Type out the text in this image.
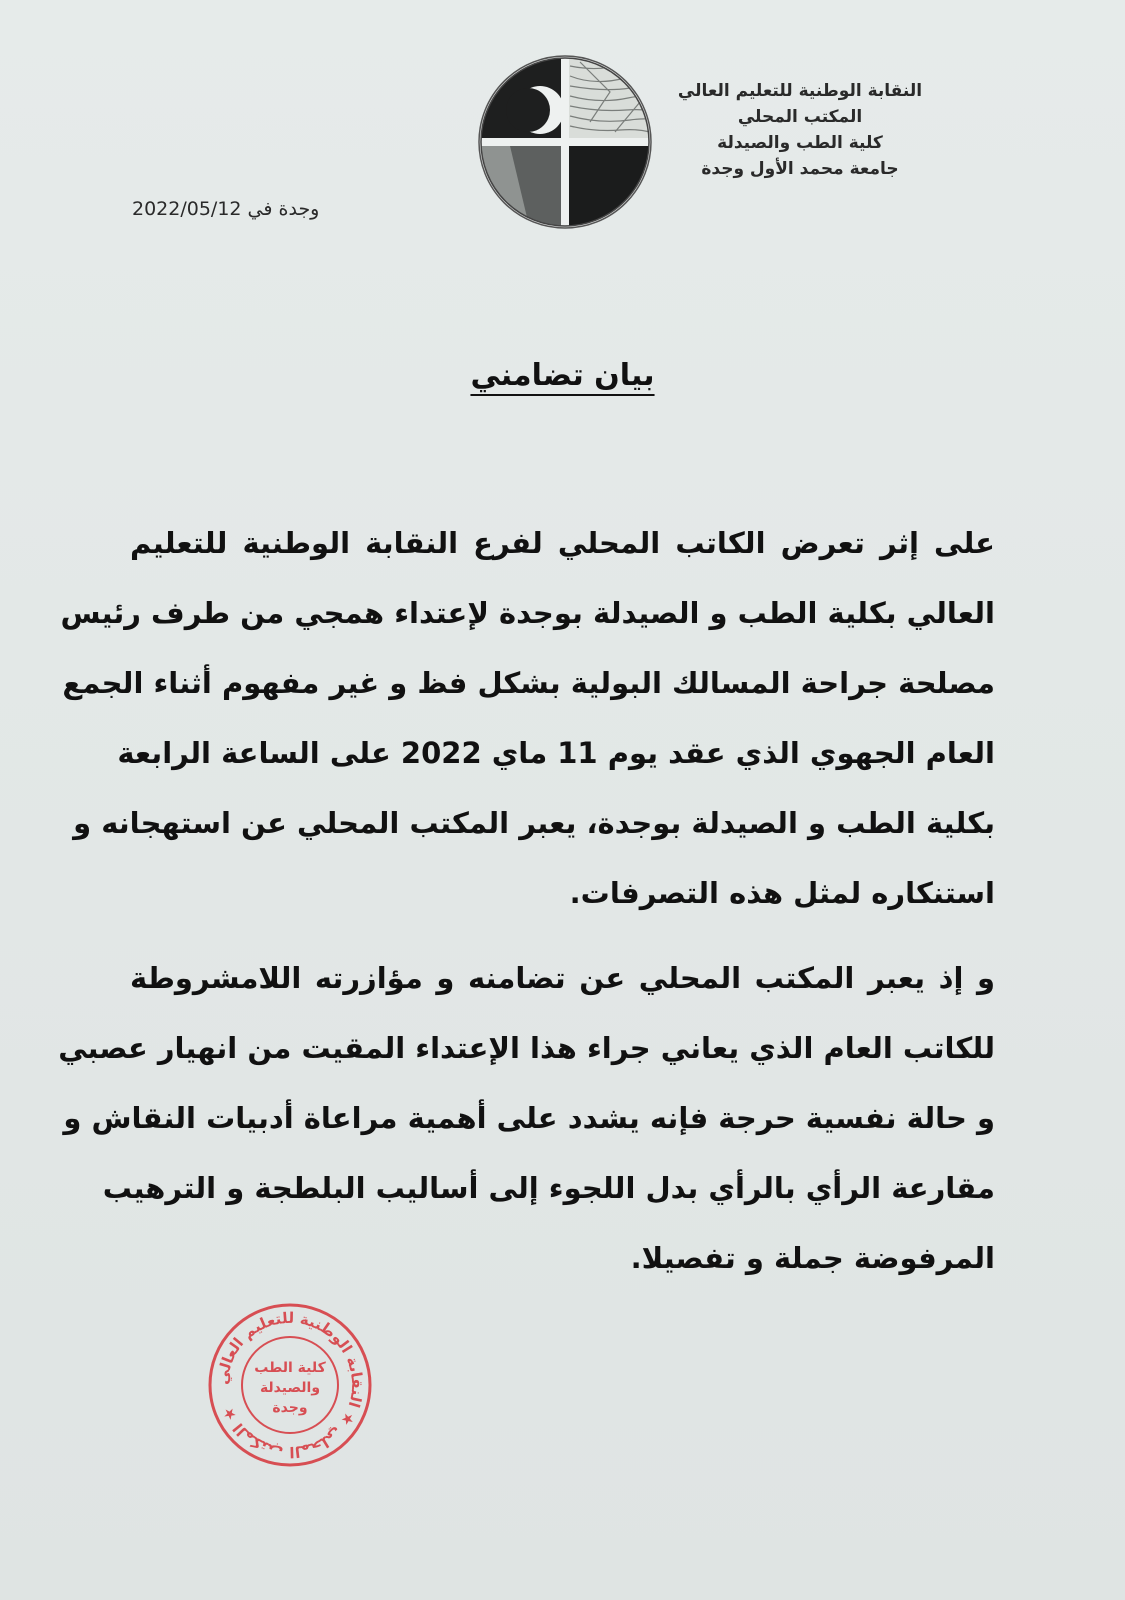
النقابة الوطنية للتعليم العالي
المكتب المحلي
كلية الطب والصيدلة
جامعة محمد الأول وجدة
وجدة في 2022/05/12
بيان تضامني
على إثر تعرض الكاتب المحلي لفرع النقابة الوطنية للتعليم
العالي بكلية الطب و الصيدلة بوجدة لإعتداء همجي من طرف رئيس
مصلحة جراحة المسالك البولية بشكل فظ و غير مفهوم أثناء الجمع
العام الجهوي الذي عقد يوم 11 ماي 2022 على الساعة الرابعة
بكلية الطب و الصيدلة بوجدة، يعبر المكتب المحلي عن استهجانه و
استنكاره لمثل هذه التصرفات.
و إذ يعبر المكتب المحلي عن تضامنه و مؤازرته اللامشروطة
للكاتب العام الذي يعاني جراء هذا الإعتداء المقيت من انهيار عصبي
و حالة نفسية حرجة فإنه يشدد على أهمية مراعاة أدبيات النقاش و
مقارعة الرأي بالرأي بدل اللجوء إلى أساليب البلطجة و الترهيب
المرفوضة جملة و تفصيلا.
المكتب المحلي ★ النقابة الوطنية للتعليم العالي ★
كلية الطب
والصيدلة
وجدة
